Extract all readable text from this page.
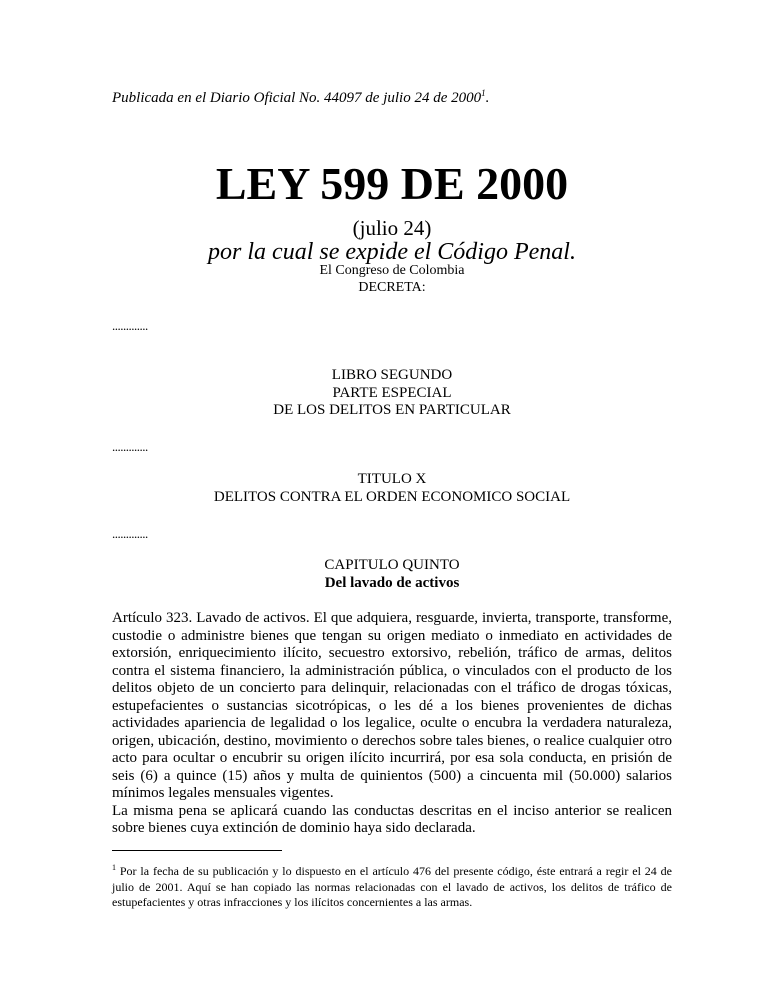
Publicada en el Diario Oficial No. 44097 de julio 24 de 2000$^1$.
LEY 599 DE 2000
(julio 24)
por la cual se expide el Código Penal.
El Congreso de Colombia
DECRETA:
.............
LIBRO SEGUNDO
PARTE ESPECIAL
DE LOS DELITOS EN PARTICULAR
.............
TITULO X
DELITOS CONTRA EL ORDEN ECONOMICO SOCIAL
.............
CAPITULO QUINTO
Del lavado de activos
Artículo 323. Lavado de activos. El que adquiera, resguarde, invierta, transporte, transforme, custodie o administre bienes que tengan su origen mediato o inmediato en actividades de extorsión, enriquecimiento ilícito, secuestro extorsivo, rebelión, tráfico de armas, delitos contra el sistema financiero, la administración pública, o vinculados con el producto de los delitos objeto de un concierto para delinquir, relacionadas con el tráfico de drogas tóxicas, estupefacientes o sustancias sicotrópicas, o les dé a los bienes provenientes de dichas actividades apariencia de legalidad o los legalice, oculte o encubra la verdadera naturaleza, origen, ubicación, destino, movimiento o derechos sobre tales bienes, o realice cualquier otro acto para ocultar o encubrir su origen ilícito incurrirá, por esa sola conducta, en prisión de seis (6) a quince (15) años y multa de quinientos (500) a cincuenta mil (50.000) salarios mínimos legales mensuales vigentes.
La misma pena se aplicará cuando las conductas descritas en el inciso anterior se realicen sobre bienes cuya extinción de dominio haya sido declarada.
$^1$ Por la fecha de su publicación y lo dispuesto en el artículo 476 del presente código, éste entrará a regir el 24 de julio de 2001. Aquí se han copiado las normas relacionadas con el lavado de activos, los delitos de tráfico de estupefacientes y otras infracciones y los ilícitos concernientes a las armas.
